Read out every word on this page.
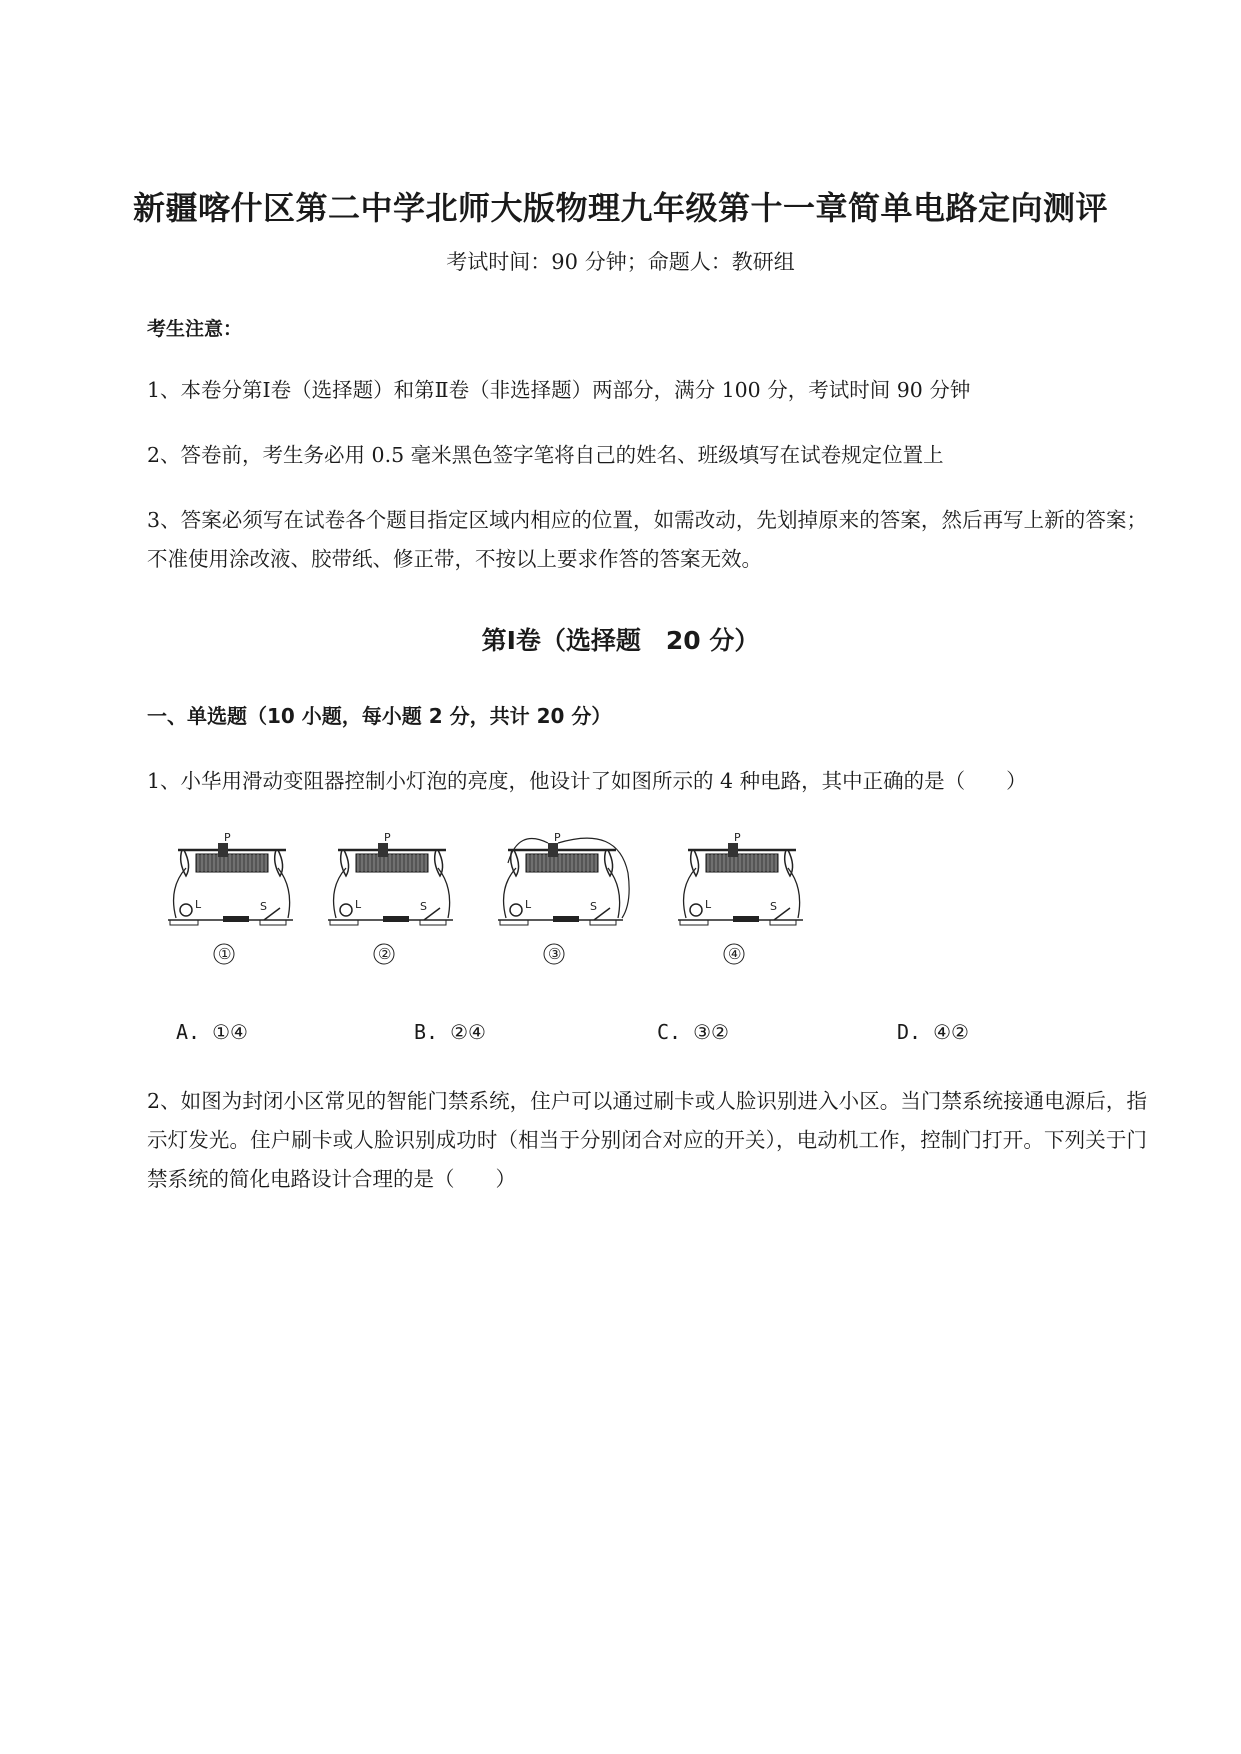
新疆喀什区第二中学北师大版物理九年级第十一章简单电路定向测评
考试时间：90 分钟；命题人：教研组
考生注意：
1、本卷分第Ⅰ卷（选择题）和第Ⅱ卷（非选择题）两部分，满分 100 分，考试时间 90 分钟
2、答卷前，考生务必用 0.5 毫米黑色签字笔将自己的姓名、班级填写在试卷规定位置上
3、答案必须写在试卷各个题目指定区域内相应的位置，如需改动，先划掉原来的答案，然后再写上新的答案；不准使用涂改液、胶带纸、修正带，不按以上要求作答的答案无效。
第Ⅰ卷（选择题　20 分）
一、单选题（10 小题，每小题 2 分，共计 20 分）
1、小华用滑动变阻器控制小灯泡的亮度，他设计了如图所示的 4 种电路，其中正确的是（　　）
P
L	S
①
P
L	S
②
P
L	S
③
P
L	S
④
A. ①④	B. ②④	C. ③②	D. ④②
2、如图为封闭小区常见的智能门禁系统，住户可以通过刷卡或人脸识别进入小区。当门禁系统接通电源后，指示灯发光。住户刷卡或人脸识别成功时（相当于分别闭合对应的开关），电动机工作，控制门打开。下列关于门禁系统的简化电路设计合理的是（　　）
